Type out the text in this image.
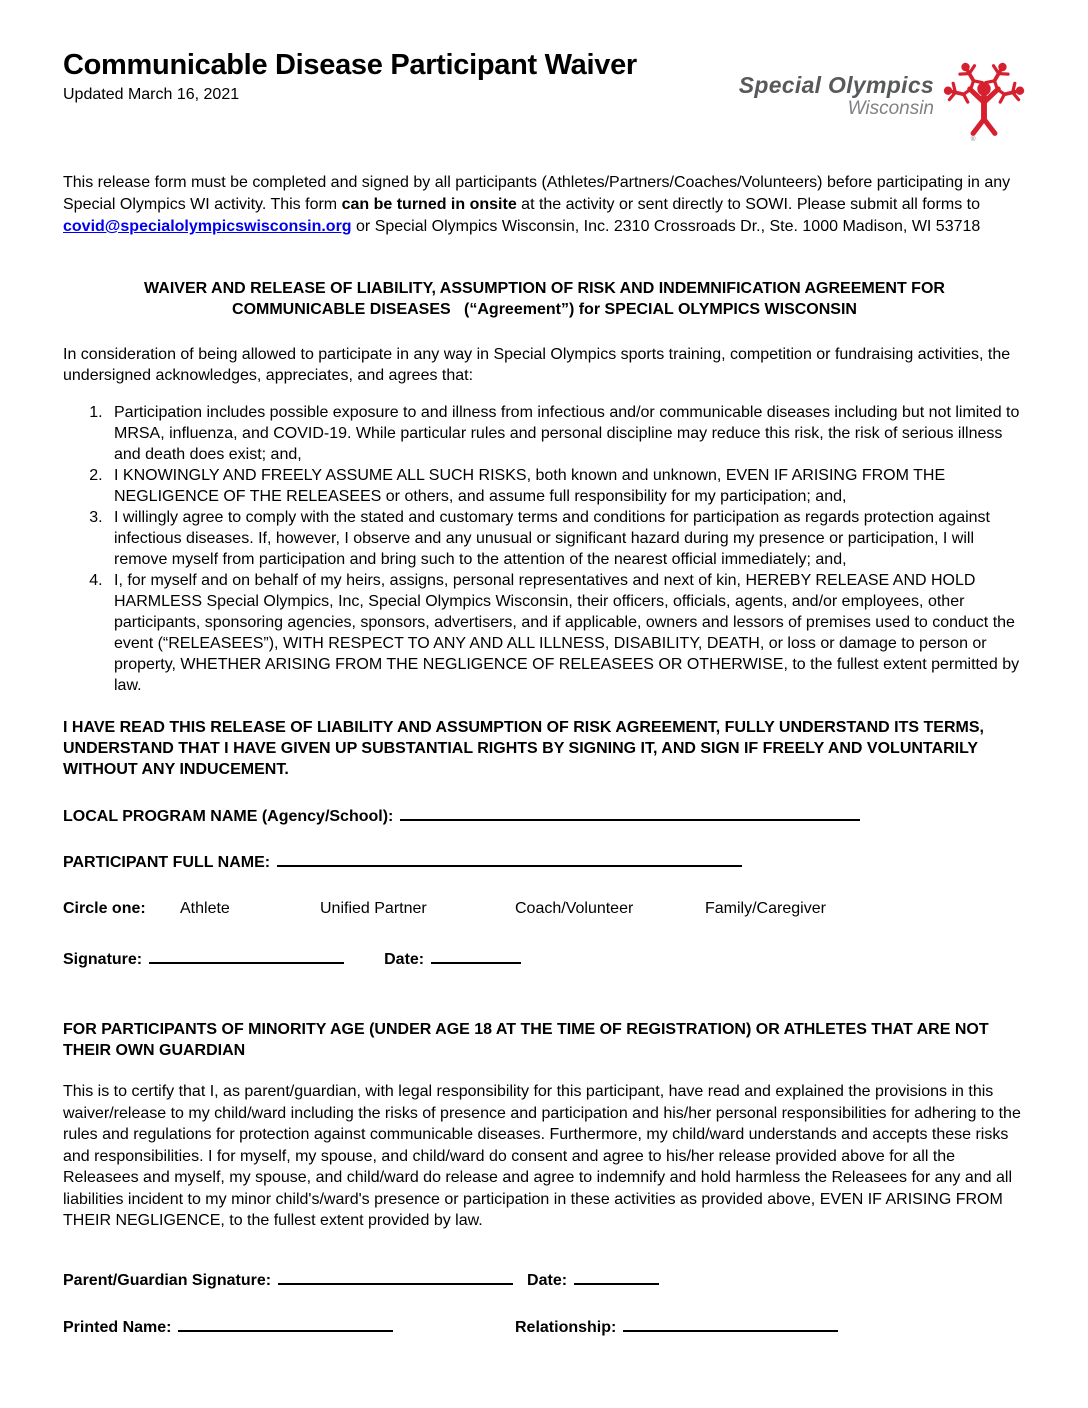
Communicable Disease Participant Waiver
Updated March 16, 2021	Special Olympics
Wisconsin
®

This release form must be completed and signed by all participants (Athletes/Partners/Coaches/Volunteers) before participating in any Special Olympics WI activity. This form can be turned in onsite at the activity or sent directly to SOWI. Please submit all forms to covid@specialolympicswisconsin.org or Special Olympics Wisconsin, Inc. 2310 Crossroads Dr., Ste. 1000 Madison, WI 53718

WAIVER AND RELEASE OF LIABILITY, ASSUMPTION OF RISK AND INDEMNIFICATION AGREEMENT FOR
COMMUNICABLE DISEASES   (“Agreement”) for SPECIAL OLYMPICS WISCONSIN

In consideration of being allowed to participate in any way in Special Olympics sports training, competition or fundraising activities, the undersigned acknowledges, appreciates, and agrees that:

1. Participation includes possible exposure to and illness from infectious and/or communicable diseases including but not limited to MRSA, influenza, and COVID-19. While particular rules and personal discipline may reduce this risk, the risk of serious illness and death does exist; and,
2. I KNOWINGLY AND FREELY ASSUME ALL SUCH RISKS, both known and unknown, EVEN IF ARISING FROM THE NEGLIGENCE OF THE RELEASEES or others, and assume full responsibility for my participation; and,
3. I willingly agree to comply with the stated and customary terms and conditions for participation as regards protection against infectious diseases. If, however, I observe and any unusual or significant hazard during my presence or participation, I will remove myself from participation and bring such to the attention of the nearest official immediately; and,
4. I, for myself and on behalf of my heirs, assigns, personal representatives and next of kin, HEREBY RELEASE AND HOLD HARMLESS Special Olympics, Inc, Special Olympics Wisconsin, their officers, officials, agents, and/or employees, other participants, sponsoring agencies, sponsors, advertisers, and if applicable, owners and lessors of premises used to conduct the event (“RELEASEES”), WITH RESPECT TO ANY AND ALL ILLNESS, DISABILITY, DEATH, or loss or damage to person or property, WHETHER ARISING FROM THE NEGLIGENCE OF RELEASEES OR OTHERWISE, to the fullest extent permitted by law.

I HAVE READ THIS RELEASE OF LIABILITY AND ASSUMPTION OF RISK AGREEMENT, FULLY UNDERSTAND ITS TERMS, UNDERSTAND THAT I HAVE GIVEN UP SUBSTANTIAL RIGHTS BY SIGNING IT, AND SIGN IF FREELY AND VOLUNTARILY WITHOUT ANY INDUCEMENT.

LOCAL PROGRAM NAME (Agency/School):
PARTICIPANT FULL NAME:
Circle one: Athlete	Unified Partner	Coach/Volunteer	Family/Caregiver
Signature:	Date:
FOR PARTICIPANTS OF MINORITY AGE (UNDER AGE 18 AT THE TIME OF REGISTRATION) OR ATHLETES THAT ARE NOT THEIR OWN GUARDIAN

This is to certify that I, as parent/guardian, with legal responsibility for this participant, have read and explained the provisions in this waiver/release to my child/ward including the risks of presence and participation and his/her personal responsibilities for adhering to the rules and regulations for protection against communicable diseases. Furthermore, my child/ward understands and accepts these risks and responsibilities. I for myself, my spouse, and child/ward do consent and agree to his/her release provided above for all the Releasees and myself, my spouse, and child/ward do release and agree to indemnify and hold harmless the Releasees for any and all liabilities incident to my minor child's/ward's presence or participation in these activities as provided above, EVEN IF ARISING FROM THEIR NEGLIGENCE, to the fullest extent provided by law.

Parent/Guardian Signature:	Date:
Printed Name:	Relationship:
